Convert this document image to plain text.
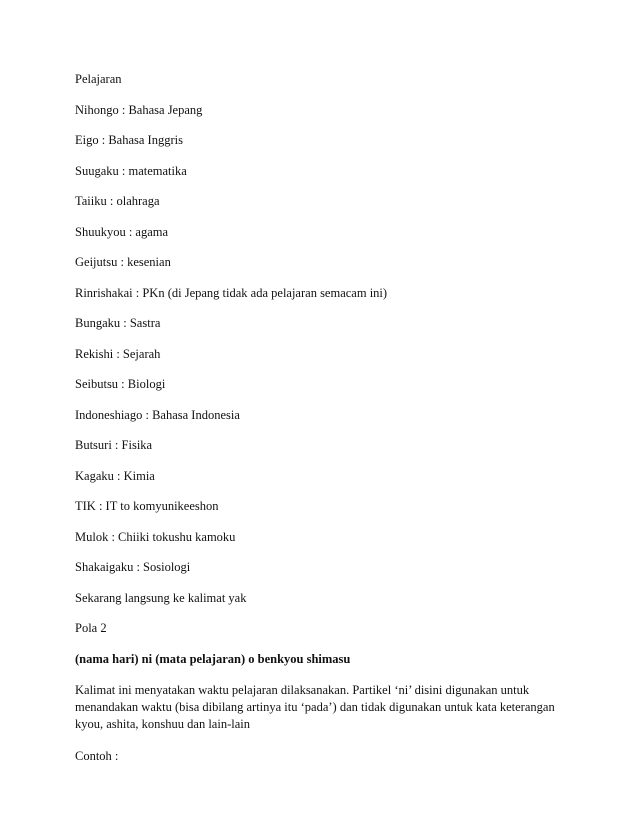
Pelajaran
Nihongo : Bahasa Jepang
Eigo : Bahasa Inggris
Suugaku : matematika
Taiiku : olahraga
Shuukyou : agama
Geijutsu : kesenian
Rinrishakai : PKn (di Jepang tidak ada pelajaran semacam ini)
Bungaku : Sastra
Rekishi : Sejarah
Seibutsu : Biologi
Indoneshiago : Bahasa Indonesia
Butsuri : Fisika
Kagaku : Kimia
TIK : IT to komyunikeeshon
Mulok : Chiiki tokushu kamoku
Shakaigaku : Sosiologi
Sekarang langsung ke kalimat yak
Pola 2
(nama hari) ni (mata pelajaran) o benkyou shimasu
Kalimat ini menyatakan waktu pelajaran dilaksanakan. Partikel ‘ni’ disini digunakan untuk menandakan waktu (bisa dibilang artinya itu ‘pada’) dan tidak digunakan untuk kata keterangan kyou, ashita, konshuu dan lain-lain
Contoh :
